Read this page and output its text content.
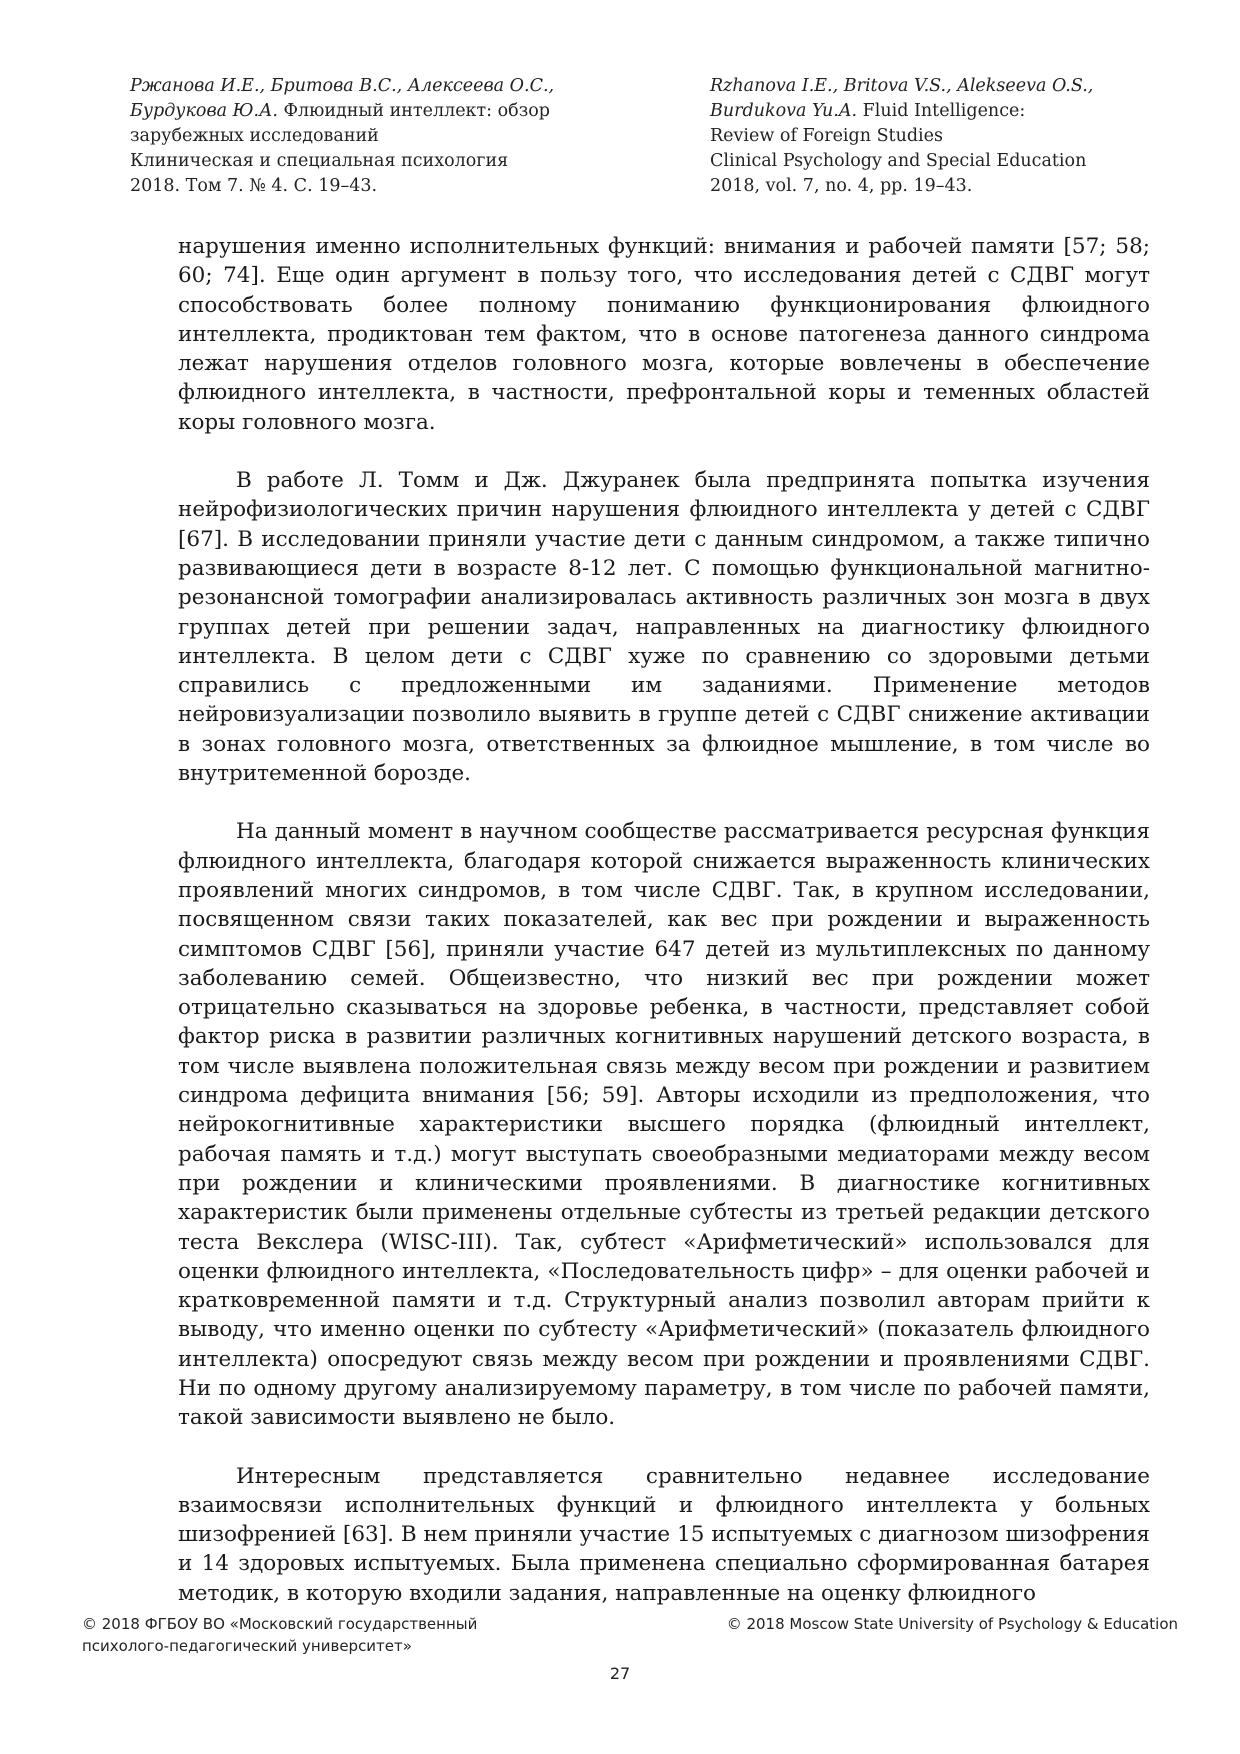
Ржанова И.Е., Бритова В.С., Алексеева О.С.,
Бурдукова Ю.А. Флюидный интеллект: обзор
зарубежных исследований
Клиническая и специальная психология
2018. Том 7. № 4. С. 19–43.
Rzhanova I.E., Britova V.S., Alekseeva O.S.,
Burdukova Yu.A. Fluid Intelligence:
Review of Foreign Studies
Clinical Psychology and Special Education
2018, vol. 7, no. 4, pp. 19–43.

нарушения именно исполнительных функций: внимания и рабочей памяти [57; 58; 60; 74]. Еще один аргумент в пользу того, что исследования детей с СДВГ могут способствовать более полному пониманию функционирования флюидного интеллекта, продиктован тем фактом, что в основе патогенеза данного синдрома лежат нарушения отделов головного мозга, которые вовлечены в обеспечение флюидного интеллекта, в частности, префронтальной коры и теменных областей коры головного мозга.

В работе Л. Томм и Дж. Джуранек была предпринята попытка изучения нейрофизиологических причин нарушения флюидного интеллекта у детей с СДВГ [67]. В исследовании приняли участие дети с данным синдромом, а также типично развивающиеся дети в возрасте 8-12 лет. С помощью функциональной магнитно-резонансной томографии анализировалась активность различных зон мозга в двух группах детей при решении задач, направленных на диагностику флюидного интеллекта. В целом дети с СДВГ хуже по сравнению со здоровыми детьми справились с предложенными им заданиями. Применение методов нейровизуализации позволило выявить в группе детей с СДВГ снижение активации в зонах головного мозга, ответственных за флюидное мышление, в том числе во внутритеменной борозде.

На данный момент в научном сообществе рассматривается ресурсная функция флюидного интеллекта, благодаря которой снижается выраженность клинических проявлений многих синдромов, в том числе СДВГ. Так, в крупном исследовании, посвященном связи таких показателей, как вес при рождении и выраженность симптомов СДВГ [56], приняли участие 647 детей из мультиплексных по данному заболеванию семей. Общеизвестно, что низкий вес при рождении может отрицательно сказываться на здоровье ребенка, в частности, представляет собой фактор риска в развитии различных когнитивных нарушений детского возраста, в том числе выявлена положительная связь между весом при рождении и развитием синдрома дефицита внимания [56; 59]. Авторы исходили из предположения, что нейрокогнитивные характеристики высшего порядка (флюидный интеллект, рабочая память и т.д.) могут выступать своеобразными медиаторами между весом при рождении и клиническими проявлениями. В диагностике когнитивных характеристик были применены отдельные субтесты из третьей редакции детского теста Векслера (WISC-III). Так, субтест «Арифметический» использовался для оценки флюидного интеллекта, «Последовательность цифр» – для оценки рабочей и кратковременной памяти и т.д. Структурный анализ позволил авторам прийти к выводу, что именно оценки по субтесту «Арифметический» (показатель флюидного интеллекта) опосредуют связь между весом при рождении и проявлениями СДВГ. Ни по одному другому анализируемому параметру, в том числе по рабочей памяти, такой зависимости выявлено не было.

Интересным представляется сравнительно недавнее исследование взаимосвязи исполнительных функций и флюидного интеллекта у больных шизофренией [63]. В нем приняли участие 15 испытуемых с диагнозом шизофрения и 14 здоровых испытуемых. Была применена специально сформированная батарея методик, в которую входили задания, направленные на оценку флюидного

© 2018 ФГБОУ ВО «Московский государственный
психолого-педагогический университет»
© 2018 Moscow State University of Psychology & Education
27
